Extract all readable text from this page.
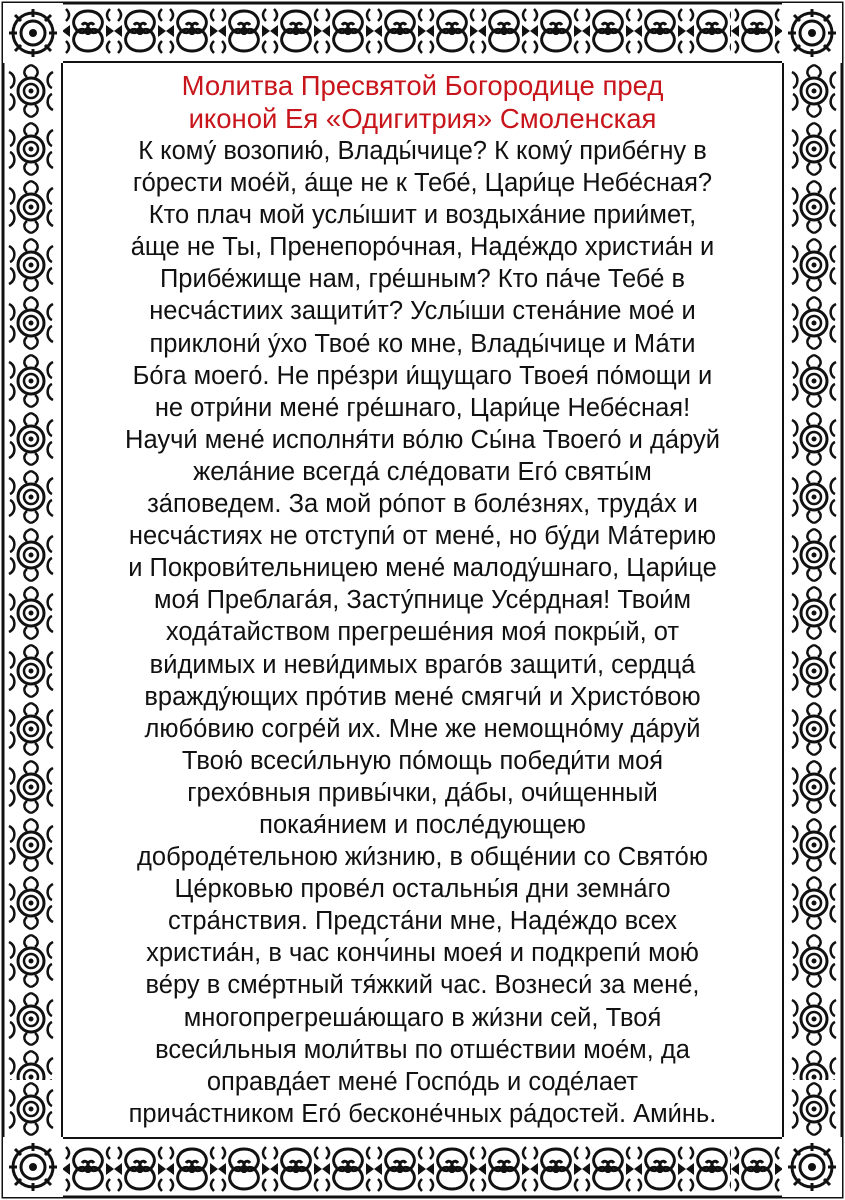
Молитва Пресвятой Богородице пред
иконой Ея «Одигитрия» Смоленская

К кому́ возопию́, Влады́чице? К кому́ прибе́гну в
го́рести мое́й, а́ще не к Тебе́, Цари́це Небе́сная?
Кто плач мой услы́шит и воздыха́ние прии́мет,
а́ще не Ты, Пренепоро́чная, Наде́ждо христиа́н и
Прибе́жище нам, гре́шным? Кто па́че Тебе́ в
несча́стиих защити́т? Услы́ши стена́ние мое́ и
приклони́ у́хо Твое́ ко мне, Влады́чице и Ма́ти
Бо́га моего́. Не пре́зри и́щущаго Твоея́ по́мощи и
не отри́ни мене́ гре́шнаго, Цари́це Небе́сная!
Научи́ мене́ исполня́ти во́лю Сы́на Твоего́ и да́руй
жела́ние всегда́ сле́довати Его́ святы́м
за́поведем. За мой ро́пот в боле́знях, труда́х и
несча́стиях не отступи́ от мене́, но бу́ди Ма́терию
и Покрови́тельницею мене́ малоду́шнаго, Цари́це
моя́ Преблага́я, Засту́пнице Усе́рдная! Твои́м
хода́тайством прегреше́ния моя́ покры́й, от
ви́димых и неви́димых враго́в защити́, сердца́
вражду́ющих про́тив мене́ смягчи́ и Христо́вою
любо́вию согре́й их. Мне же немощно́му да́руй
Твою́ всеси́льную по́мощь победи́ти моя́
грехо́вныя привы́чки, да́бы, очи́щенный
покая́нием и после́дующею
доброде́тельною жи́знию, в обще́нии со Свято́ю
Це́рковью прове́л остальны́я дни земна́го
стра́нствия. Предста́ни мне, Наде́ждо всех
христиа́н, в час конч́ины моея́ и подкрепи́ мою́
ве́ру в сме́ртный тя́жкий час. Вознеси́ за мене́,
многопрегреша́ющаго в жи́зни сей, Твоя́
всеси́льныя моли́твы по отше́ствии мое́м, да
оправда́ет мене́ Госпо́дь и соде́лает
прича́стником Его́ бесконе́чных ра́достей. Ами́нь.
